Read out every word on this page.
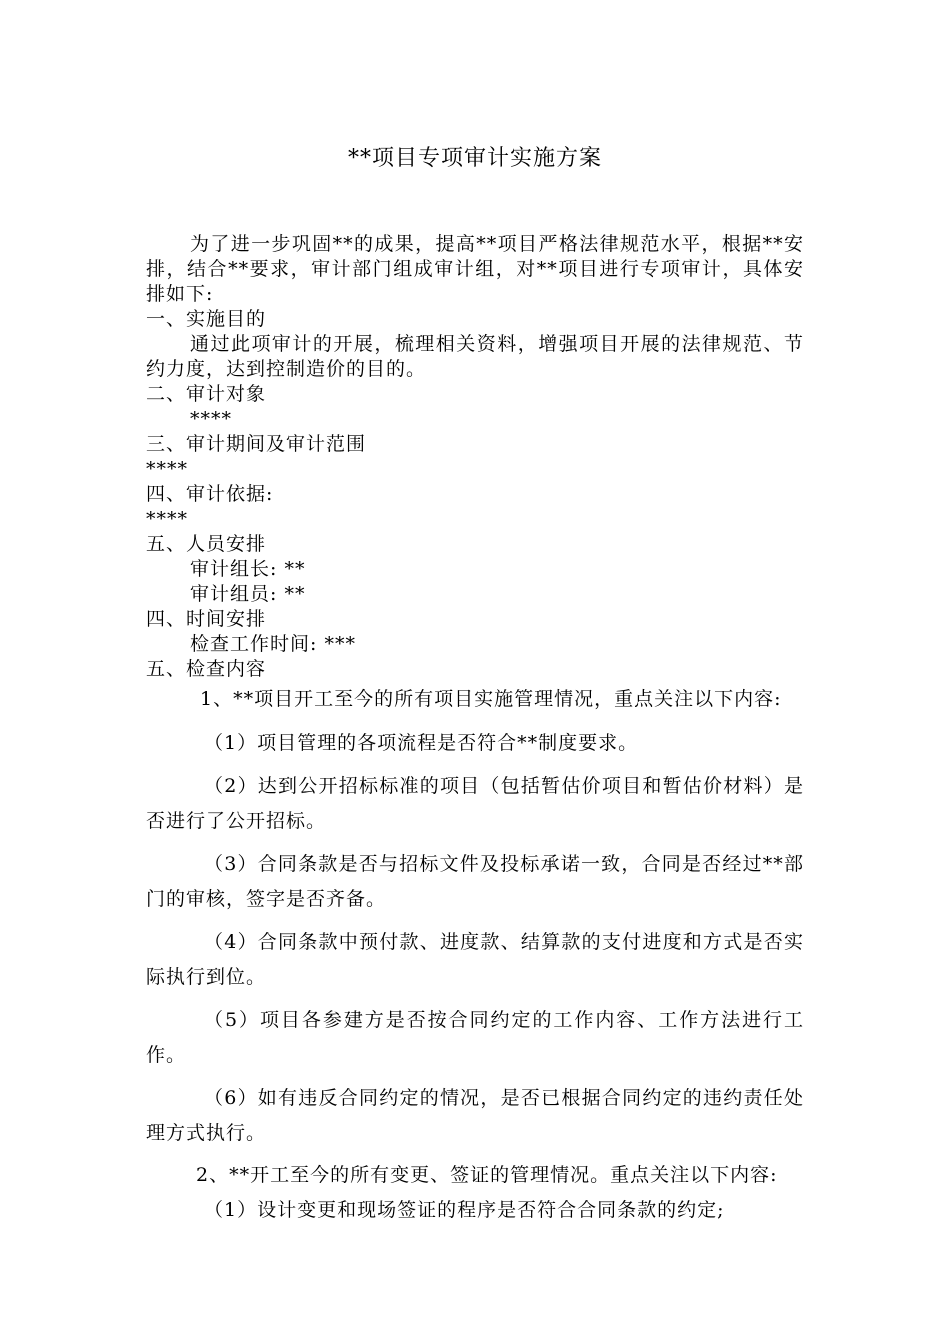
**项目专项审计实施方案

为了进一步巩固**的成果，提高**项目严格法律规范水平，根据**安排，结合**要求，审计部门组成审计组，对**项目进行专项审计，具体安排如下:

一、实施目的

通过此项审计的开展，梳理相关资料，增强项目开展的法律规范、节约力度，达到控制造价的目的。

二、审计对象

****

三、审计期间及审计范围

****

四、审计依据:

****

五、人员安排

审计组长: **

审计组员: **

四、时间安排

检查工作时间: ***

五、检查内容

1、**项目开工至今的所有项目实施管理情况，重点关注以下内容:

（1）项目管理的各项流程是否符合**制度要求。

（2）达到公开招标标准的项目（包括暂估价项目和暂估价材料）是否进行了公开招标。

（3）合同条款是否与招标文件及投标承诺一致，合同是否经过**部门的审核，签字是否齐备。

（4）合同条款中预付款、进度款、结算款的支付进度和方式是否实际执行到位。

（5）项目各参建方是否按合同约定的工作内容、工作方法进行工作。

（6）如有违反合同约定的情况，是否已根据合同约定的违约责任处理方式执行。

2、**开工至今的所有变更、签证的管理情况。重点关注以下内容:

（1）设计变更和现场签证的程序是否符合合同条款的约定;
